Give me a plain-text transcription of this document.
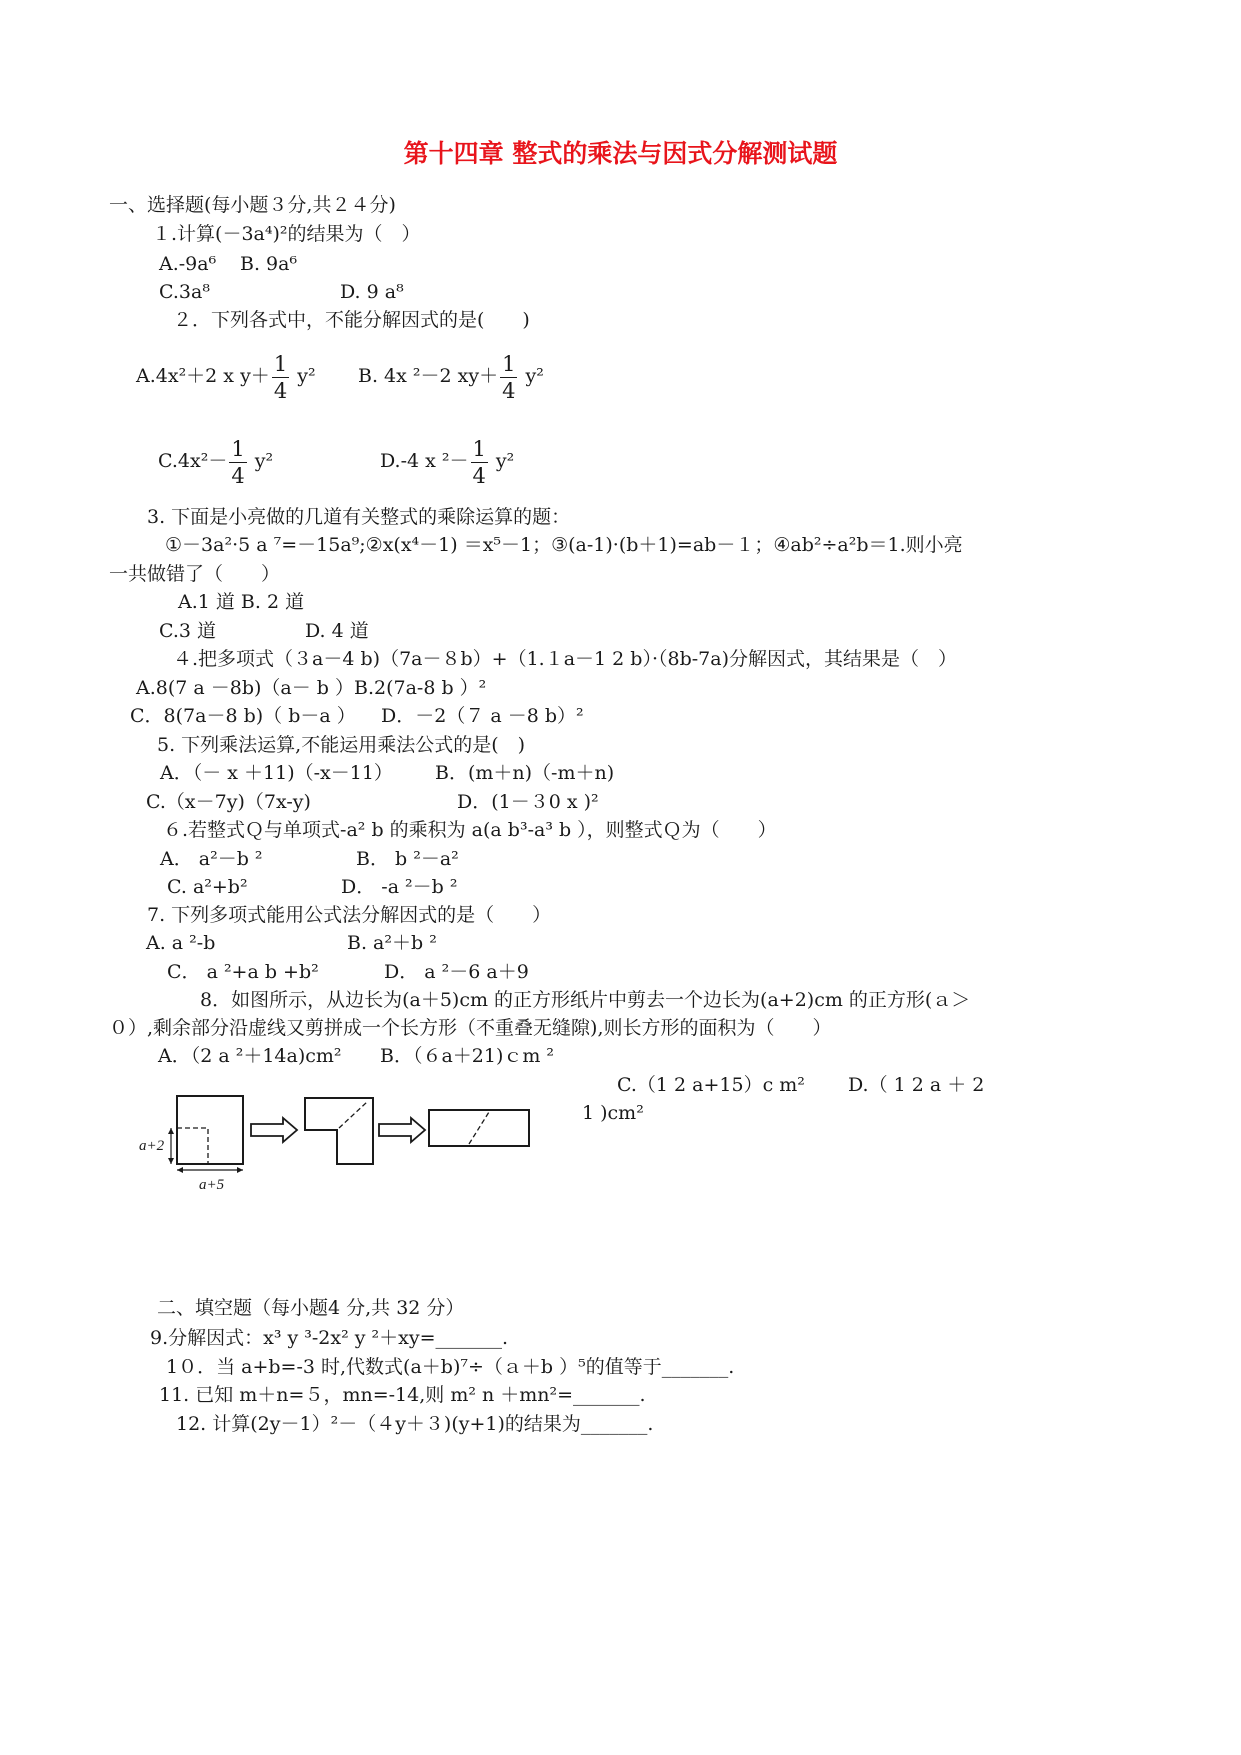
第十四章 整式的乘法与因式分解测试题
一、选择题(每小题３分,共２４分)
１.计算(－3a⁴)²的结果为（　）
A.-9a⁶ B. 9a⁶
C.3a⁸	D. 9 a⁸
２．下列各式中，不能分解因式的是(　　)
A.4x²＋2 x $y+ \frac{1}{4} y^2$ B. 4x ²－2 $xy+ \frac{1}{4} y^2$
$C.4x^2- \frac{1}{4} y^2$	D.-4 x $^2- \frac{1}{4} y^2$
3. 下面是小亮做的几道有关整式的乘除运算的题：
①－3a²·5 a ⁷=－15a⁹;②x(x⁴－1) ＝x⁵－1；③(a-1)·(b＋1)=ab－１；④ab²÷a²b＝1.则小亮
一共做错了（　　）
A.1 道 B. 2 道
C.3 道	D. 4 道
４.把多项式（３a－4 b)（7a－８b）+（1.１a－1 2 b）·（8b-7a)分解因式，其结果是（　）
A.8(7 a －8b)（a－ b ）B.2(7a-8 b ）²
C．8(7a－8 b)（ b－a ） D．－2（７ a －8 b）²
5. 下列乘法运算,不能运用乘法公式的是(　)
A．（－ x ＋11)（-x－11） B．(m＋n)（-m＋n)
C.（x－7y)（7x-y)	D．(1－３0 x )²
６.若整式Ｑ与单项式-a² b 的乘积为 a(a b³-a³ b ），则整式Ｑ为（　　）
A． a²－b ²	B． b ²－a²
C. a²+b²	D． -a ²－b ²
7. 下列多项式能用公式法分解因式的是（　　）
A. a ²-b	B. a²＋b ²
C． a ²+a b +b²	D． a ²－6 a＋9
8．如图所示，从边长为(a＋5)cm 的正方形纸片中剪去一个边长为(a+2)cm 的正方形(ａ＞
０）,剩余部分沿虚线又剪拼成一个长方形（不重叠无缝隙),则长方形的面积为（　　）
A．（2 a ²＋14a)cm² B．（６a＋21)ｃm ²
C.（1 2 a+15）c m² D.（ 1 2 a ＋ 2
1 )cm²
a+2
a+5
二、填空题（每小题4 分,共 32 分）
9.分解因式：x³ y ³-2x² y ²＋xy=_______.
1０．当 a+b=-3 时,代数式(a＋b)⁷÷（ａ＋b ）⁵的值等于_______.
11. 已知 m＋n=５，mn=-14,则 m² n ＋mn²=_______.
12. 计算(2y－1）²－（４y＋３)(y+1)的结果为_______.
